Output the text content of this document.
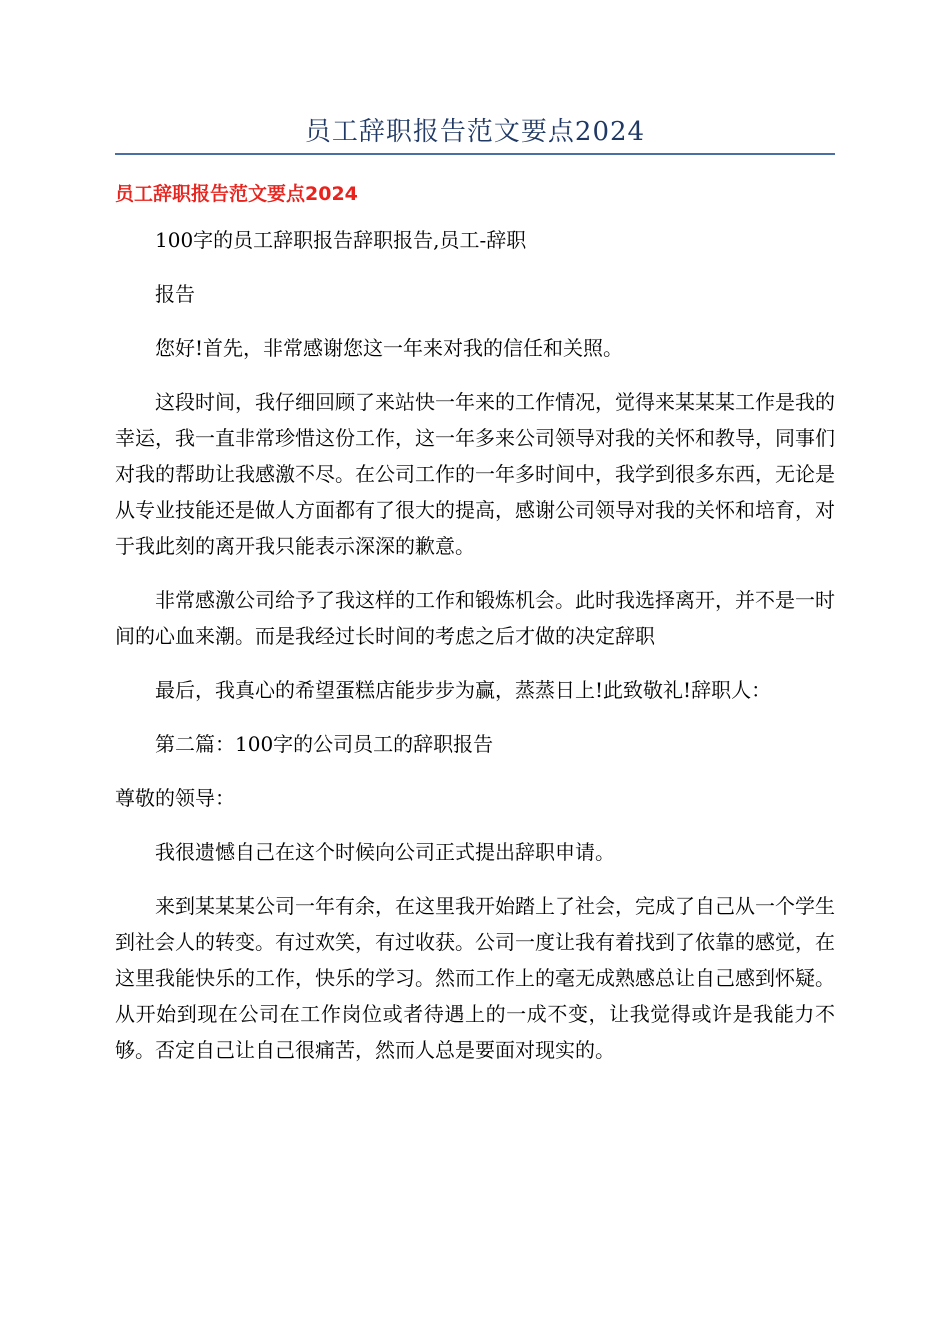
员工辞职报告范文要点2024
员工辞职报告范文要点2024

100字的员工辞职报告辞职报告,员工-辞职

报告

您好!首先，非常感谢您这一年来对我的信任和关照。

这段时间，我仔细回顾了来站快一年来的工作情况，觉得来某某某工作是我的幸运，我一直非常珍惜这份工作，这一年多来公司领导对我的关怀和教导，同事们对我的帮助让我感激不尽。在公司工作的一年多时间中，我学到很多东西，无论是从专业技能还是做人方面都有了很大的提高，感谢公司领导对我的关怀和培育，对于我此刻的离开我只能表示深深的歉意。

非常感激公司给予了我这样的工作和锻炼机会。此时我选择离开，并不是一时间的心血来潮。而是我经过长时间的考虑之后才做的决定辞职

最后，我真心的希望蛋糕店能步步为赢，蒸蒸日上!此致敬礼!辞职人：

第二篇：100字的公司员工的辞职报告

尊敬的领导：

我很遗憾自己在这个时候向公司正式提出辞职申请。

来到某某某公司一年有余，在这里我开始踏上了社会，完成了自己从一个学生到社会人的转变。有过欢笑，有过收获。公司一度让我有着找到了依靠的感觉，在这里我能快乐的工作，快乐的学习。然而工作上的毫无成熟感总让自己感到怀疑。从开始到现在公司在工作岗位或者待遇上的一成不变，让我觉得或许是我能力不够。否定自己让自己很痛苦，然而人总是要面对现实的。
